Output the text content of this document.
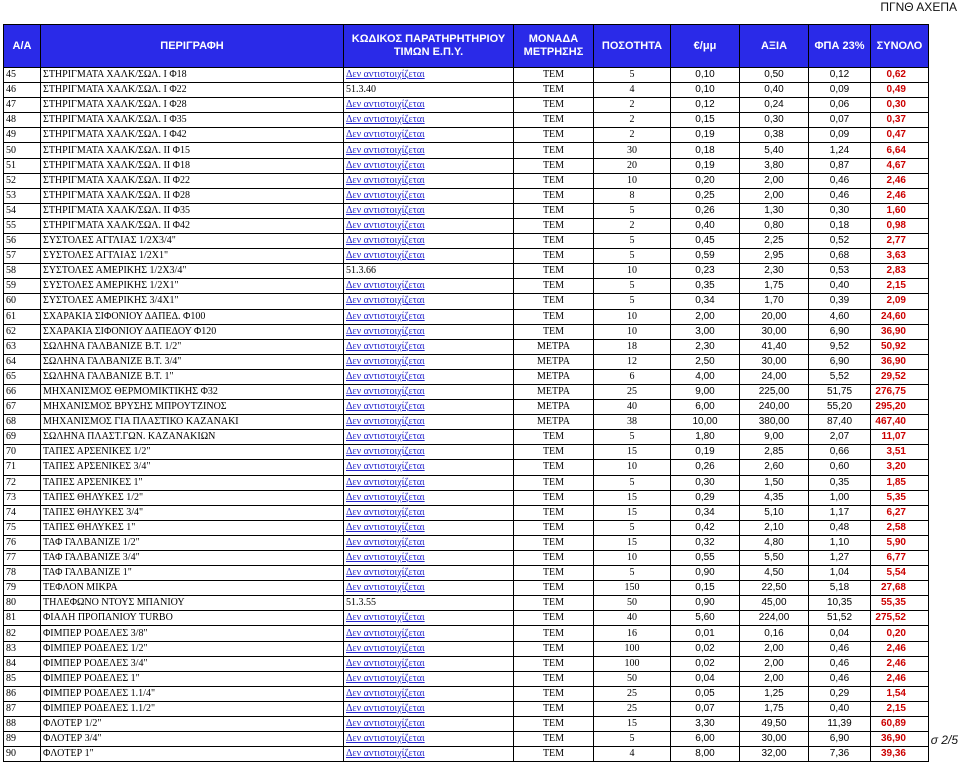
ΠΓΝΘ ΑΧΕΠΑ
Α/Α	ΠΕΡΙΓΡΑΦΗ	ΚΩΔΙΚΟΣ ΠΑΡΑΤΗΡΗΤΗΡΙΟΥ ΤΙΜΩΝ Ε.Π.Υ.	ΜΟΝΑΔΑ ΜΕΤΡΗΣΗΣ	ΠΟΣΟΤΗΤΑ	€/μμ	ΑΞΙΑ	ΦΠΑ 23%	ΣΥΝΟΛΟ
45	ΣΤΗΡΙΓΜΑΤΑ ΧΑΛΚ/ΣΩΛ. Ι Φ18	Δεν αντιστοιχίζεται	ΤΕΜ	5	0,10	0,50	0,12	0,62
46	ΣΤΗΡΙΓΜΑΤΑ ΧΑΛΚ/ΣΩΛ. Ι Φ22	51.3.40	ΤΕΜ	4	0,10	0,40	0,09	0,49
47	ΣΤΗΡΙΓΜΑΤΑ ΧΑΛΚ/ΣΩΛ. Ι Φ28	Δεν αντιστοιχίζεται	ΤΕΜ	2	0,12	0,24	0,06	0,30
48	ΣΤΗΡΙΓΜΑΤΑ ΧΑΛΚ/ΣΩΛ. Ι Φ35	Δεν αντιστοιχίζεται	ΤΕΜ	2	0,15	0,30	0,07	0,37
49	ΣΤΗΡΙΓΜΑΤΑ ΧΑΛΚ/ΣΩΛ. Ι Φ42	Δεν αντιστοιχίζεται	ΤΕΜ	2	0,19	0,38	0,09	0,47
50	ΣΤΗΡΙΓΜΑΤΑ ΧΑΛΚ/ΣΩΛ. ΙΙ Φ15	Δεν αντιστοιχίζεται	ΤΕΜ	30	0,18	5,40	1,24	6,64
51	ΣΤΗΡΙΓΜΑΤΑ ΧΑΛΚ/ΣΩΛ. ΙΙ Φ18	Δεν αντιστοιχίζεται	ΤΕΜ	20	0,19	3,80	0,87	4,67
52	ΣΤΗΡΙΓΜΑΤΑ ΧΑΛΚ/ΣΩΛ. ΙΙ Φ22	Δεν αντιστοιχίζεται	ΤΕΜ	10	0,20	2,00	0,46	2,46
53	ΣΤΗΡΙΓΜΑΤΑ ΧΑΛΚ/ΣΩΛ. ΙΙ Φ28	Δεν αντιστοιχίζεται	ΤΕΜ	8	0,25	2,00	0,46	2,46
54	ΣΤΗΡΙΓΜΑΤΑ ΧΑΛΚ/ΣΩΛ. ΙΙ Φ35	Δεν αντιστοιχίζεται	ΤΕΜ	5	0,26	1,30	0,30	1,60
55	ΣΤΗΡΙΓΜΑΤΑ ΧΑΛΚ/ΣΩΛ. ΙΙ Φ42	Δεν αντιστοιχίζεται	ΤΕΜ	2	0,40	0,80	0,18	0,98
56	ΣΥΣΤΟΛΕΣ ΑΓΓΛΙΑΣ 1/2Χ3/4"	Δεν αντιστοιχίζεται	ΤΕΜ	5	0,45	2,25	0,52	2,77
57	ΣΥΣΤΟΛΕΣ ΑΓΓΛΙΑΣ 1/2Χ1"	Δεν αντιστοιχίζεται	ΤΕΜ	5	0,59	2,95	0,68	3,63
58	ΣΥΣΤΟΛΕΣ ΑΜΕΡΙΚΗΣ 1/2Χ3/4"	51.3.66	ΤΕΜ	10	0,23	2,30	0,53	2,83
59	ΣΥΣΤΟΛΕΣ ΑΜΕΡΙΚΗΣ 1/2Χ1"	Δεν αντιστοιχίζεται	ΤΕΜ	5	0,35	1,75	0,40	2,15
60	ΣΥΣΤΟΛΕΣ ΑΜΕΡΙΚΗΣ 3/4Χ1"	Δεν αντιστοιχίζεται	ΤΕΜ	5	0,34	1,70	0,39	2,09
61	ΣΧΑΡΑΚΙΑ ΣΙΦΟΝΙΟΥ ΔΑΠΕΔ. Φ100	Δεν αντιστοιχίζεται	ΤΕΜ	10	2,00	20,00	4,60	24,60
62	ΣΧΑΡΑΚΙΑ ΣΙΦΟΝΙΟΥ ΔΑΠΕΔΟΥ Φ120	Δεν αντιστοιχίζεται	ΤΕΜ	10	3,00	30,00	6,90	36,90
63	ΣΩΛΗΝΑ ΓΑΛΒΑΝΙΖΕ Β.Τ. 1/2"	Δεν αντιστοιχίζεται	ΜΕΤΡΑ	18	2,30	41,40	9,52	50,92
64	ΣΩΛΗΝΑ ΓΑΛΒΑΝΙΖΕ Β.Τ. 3/4"	Δεν αντιστοιχίζεται	ΜΕΤΡΑ	12	2,50	30,00	6,90	36,90
65	ΣΩΛΗΝΑ ΓΑΛΒΑΝΙΖΕ Β.Τ. 1"	Δεν αντιστοιχίζεται	ΜΕΤΡΑ	6	4,00	24,00	5,52	29,52
66	ΜΗΧΑΝΙΣΜΟΣ ΘΕΡΜΟΜΙΚΤΙΚΗΣ Φ32	Δεν αντιστοιχίζεται	ΜΕΤΡΑ	25	9,00	225,00	51,75	276,75
67	ΜΗΧΑΝΙΣΜΟΣ ΒΡΥΣΗΣ ΜΠΡΟΥΤΖΙΝΟΣ	Δεν αντιστοιχίζεται	ΜΕΤΡΑ	40	6,00	240,00	55,20	295,20
68	ΜΗΧΑΝΙΣΜΟΣ ΓΙΑ ΠΛΑΣΤΙΚΟ ΚΑΖΑΝΑΚΙ	Δεν αντιστοιχίζεται	ΜΕΤΡΑ	38	10,00	380,00	87,40	467,40
69	ΣΩΛΗΝΑ ΠΛΑΣΤ.ΓΩΝ. ΚΑΖΑΝΑΚΙΩΝ	Δεν αντιστοιχίζεται	ΤΕΜ	5	1,80	9,00	2,07	11,07
70	ΤΑΠΕΣ ΑΡΣΕΝΙΚΕΣ 1/2"	Δεν αντιστοιχίζεται	ΤΕΜ	15	0,19	2,85	0,66	3,51
71	ΤΑΠΕΣ ΑΡΣΕΝΙΚΕΣ 3/4"	Δεν αντιστοιχίζεται	ΤΕΜ	10	0,26	2,60	0,60	3,20
72	ΤΑΠΕΣ ΑΡΣΕΝΙΚΕΣ 1"	Δεν αντιστοιχίζεται	ΤΕΜ	5	0,30	1,50	0,35	1,85
73	ΤΑΠΕΣ ΘΗΛΥΚΕΣ 1/2"	Δεν αντιστοιχίζεται	ΤΕΜ	15	0,29	4,35	1,00	5,35
74	ΤΑΠΕΣ ΘΗΛΥΚΕΣ 3/4"	Δεν αντιστοιχίζεται	ΤΕΜ	15	0,34	5,10	1,17	6,27
75	ΤΑΠΕΣ ΘΗΛΥΚΕΣ 1"	Δεν αντιστοιχίζεται	ΤΕΜ	5	0,42	2,10	0,48	2,58
76	ΤΑΦ ΓΑΛΒΑΝΙΖΕ 1/2"	Δεν αντιστοιχίζεται	ΤΕΜ	15	0,32	4,80	1,10	5,90
77	ΤΑΦ ΓΑΛΒΑΝΙΖΕ 3/4"	Δεν αντιστοιχίζεται	ΤΕΜ	10	0,55	5,50	1,27	6,77
78	ΤΑΦ ΓΑΛΒΑΝΙΖΕ 1"	Δεν αντιστοιχίζεται	ΤΕΜ	5	0,90	4,50	1,04	5,54
79	ΤΕΦΛΟΝ ΜΙΚΡΑ	Δεν αντιστοιχίζεται	ΤΕΜ	150	0,15	22,50	5,18	27,68
80	ΤΗΛΕΦΩΝΟ ΝΤΟΥΣ ΜΠΑΝΙΟΥ	51.3.55	ΤΕΜ	50	0,90	45,00	10,35	55,35
81	ΦΙΑΛΗ ΠΡΟΠΑΝΙΟΥ TURBO	Δεν αντιστοιχίζεται	ΤΕΜ	40	5,60	224,00	51,52	275,52
82	ΦΙΜΠΕΡ ΡΟΔΕΛΕΣ 3/8"	Δεν αντιστοιχίζεται	ΤΕΜ	16	0,01	0,16	0,04	0,20
83	ΦΙΜΠΕΡ ΡΟΔΕΛΕΣ 1/2"	Δεν αντιστοιχίζεται	ΤΕΜ	100	0,02	2,00	0,46	2,46
84	ΦΙΜΠΕΡ ΡΟΔΕΛΕΣ 3/4"	Δεν αντιστοιχίζεται	ΤΕΜ	100	0,02	2,00	0,46	2,46
85	ΦΙΜΠΕΡ ΡΟΔΕΛΕΣ 1"	Δεν αντιστοιχίζεται	ΤΕΜ	50	0,04	2,00	0,46	2,46
86	ΦΙΜΠΕΡ ΡΟΔΕΛΕΣ 1.1/4"	Δεν αντιστοιχίζεται	ΤΕΜ	25	0,05	1,25	0,29	1,54
87	ΦΙΜΠΕΡ ΡΟΔΕΛΕΣ 1.1/2"	Δεν αντιστοιχίζεται	ΤΕΜ	25	0,07	1,75	0,40	2,15
88	ΦΛΟΤΕΡ 1/2"	Δεν αντιστοιχίζεται	ΤΕΜ	15	3,30	49,50	11,39	60,89
89	ΦΛΟΤΕΡ 3/4"	Δεν αντιστοιχίζεται	ΤΕΜ	5	6,00	30,00	6,90	36,90
90	ΦΛΟΤΕΡ 1"	Δεν αντιστοιχίζεται	ΤΕΜ	4	8,00	32,00	7,36	39,36
σ 2/5
